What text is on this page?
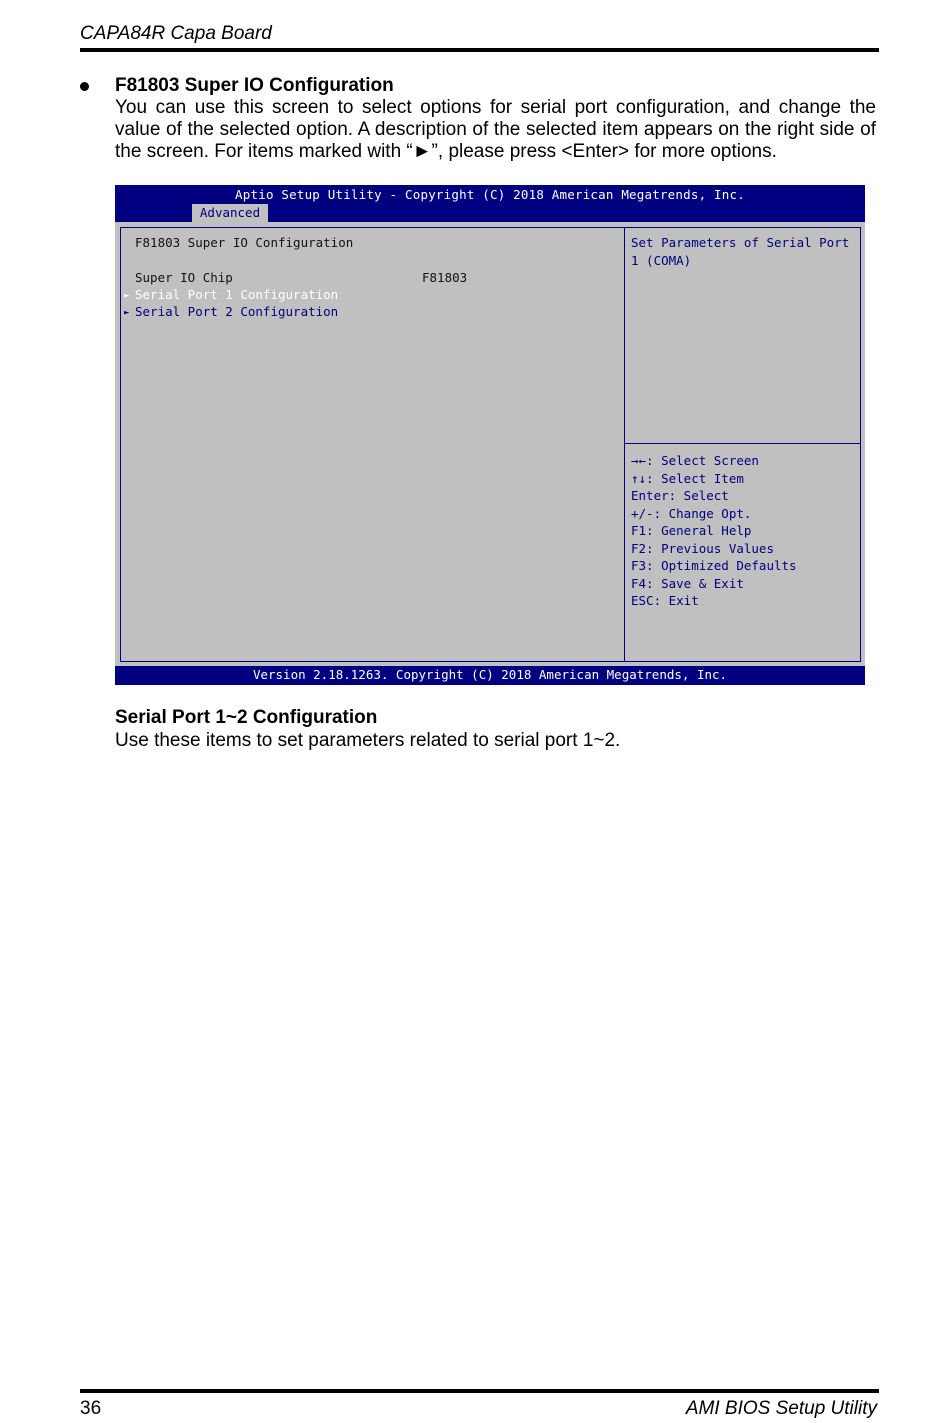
CAPA84R Capa Board
F81803 Super IO Configuration
You can use this screen to select options for serial port configuration, and change the
value of the selected option. A description of the selected item appears on the right side of
the screen. For items marked with “►”, please press <Enter> for more options.
Aptio Setup Utility - Copyright (C) 2018 American Megatrends, Inc.
Advanced
F81803 Super IO Configuration
Super IO Chip	F81803
► Serial Port 1 Configuration
► Serial Port 2 Configuration
Set Parameters of Serial Port
1 (COMA)
→←: Select Screen
↑↓: Select Item
Enter: Select
+/-: Change Opt.
F1: General Help
F2: Previous Values
F3: Optimized Defaults
F4: Save & Exit
ESC: Exit
Version 2.18.1263. Copyright (C) 2018 American Megatrends, Inc.
Serial Port 1~2 Configuration
Use these items to set parameters related to serial port 1~2.
36	AMI BIOS Setup Utility
